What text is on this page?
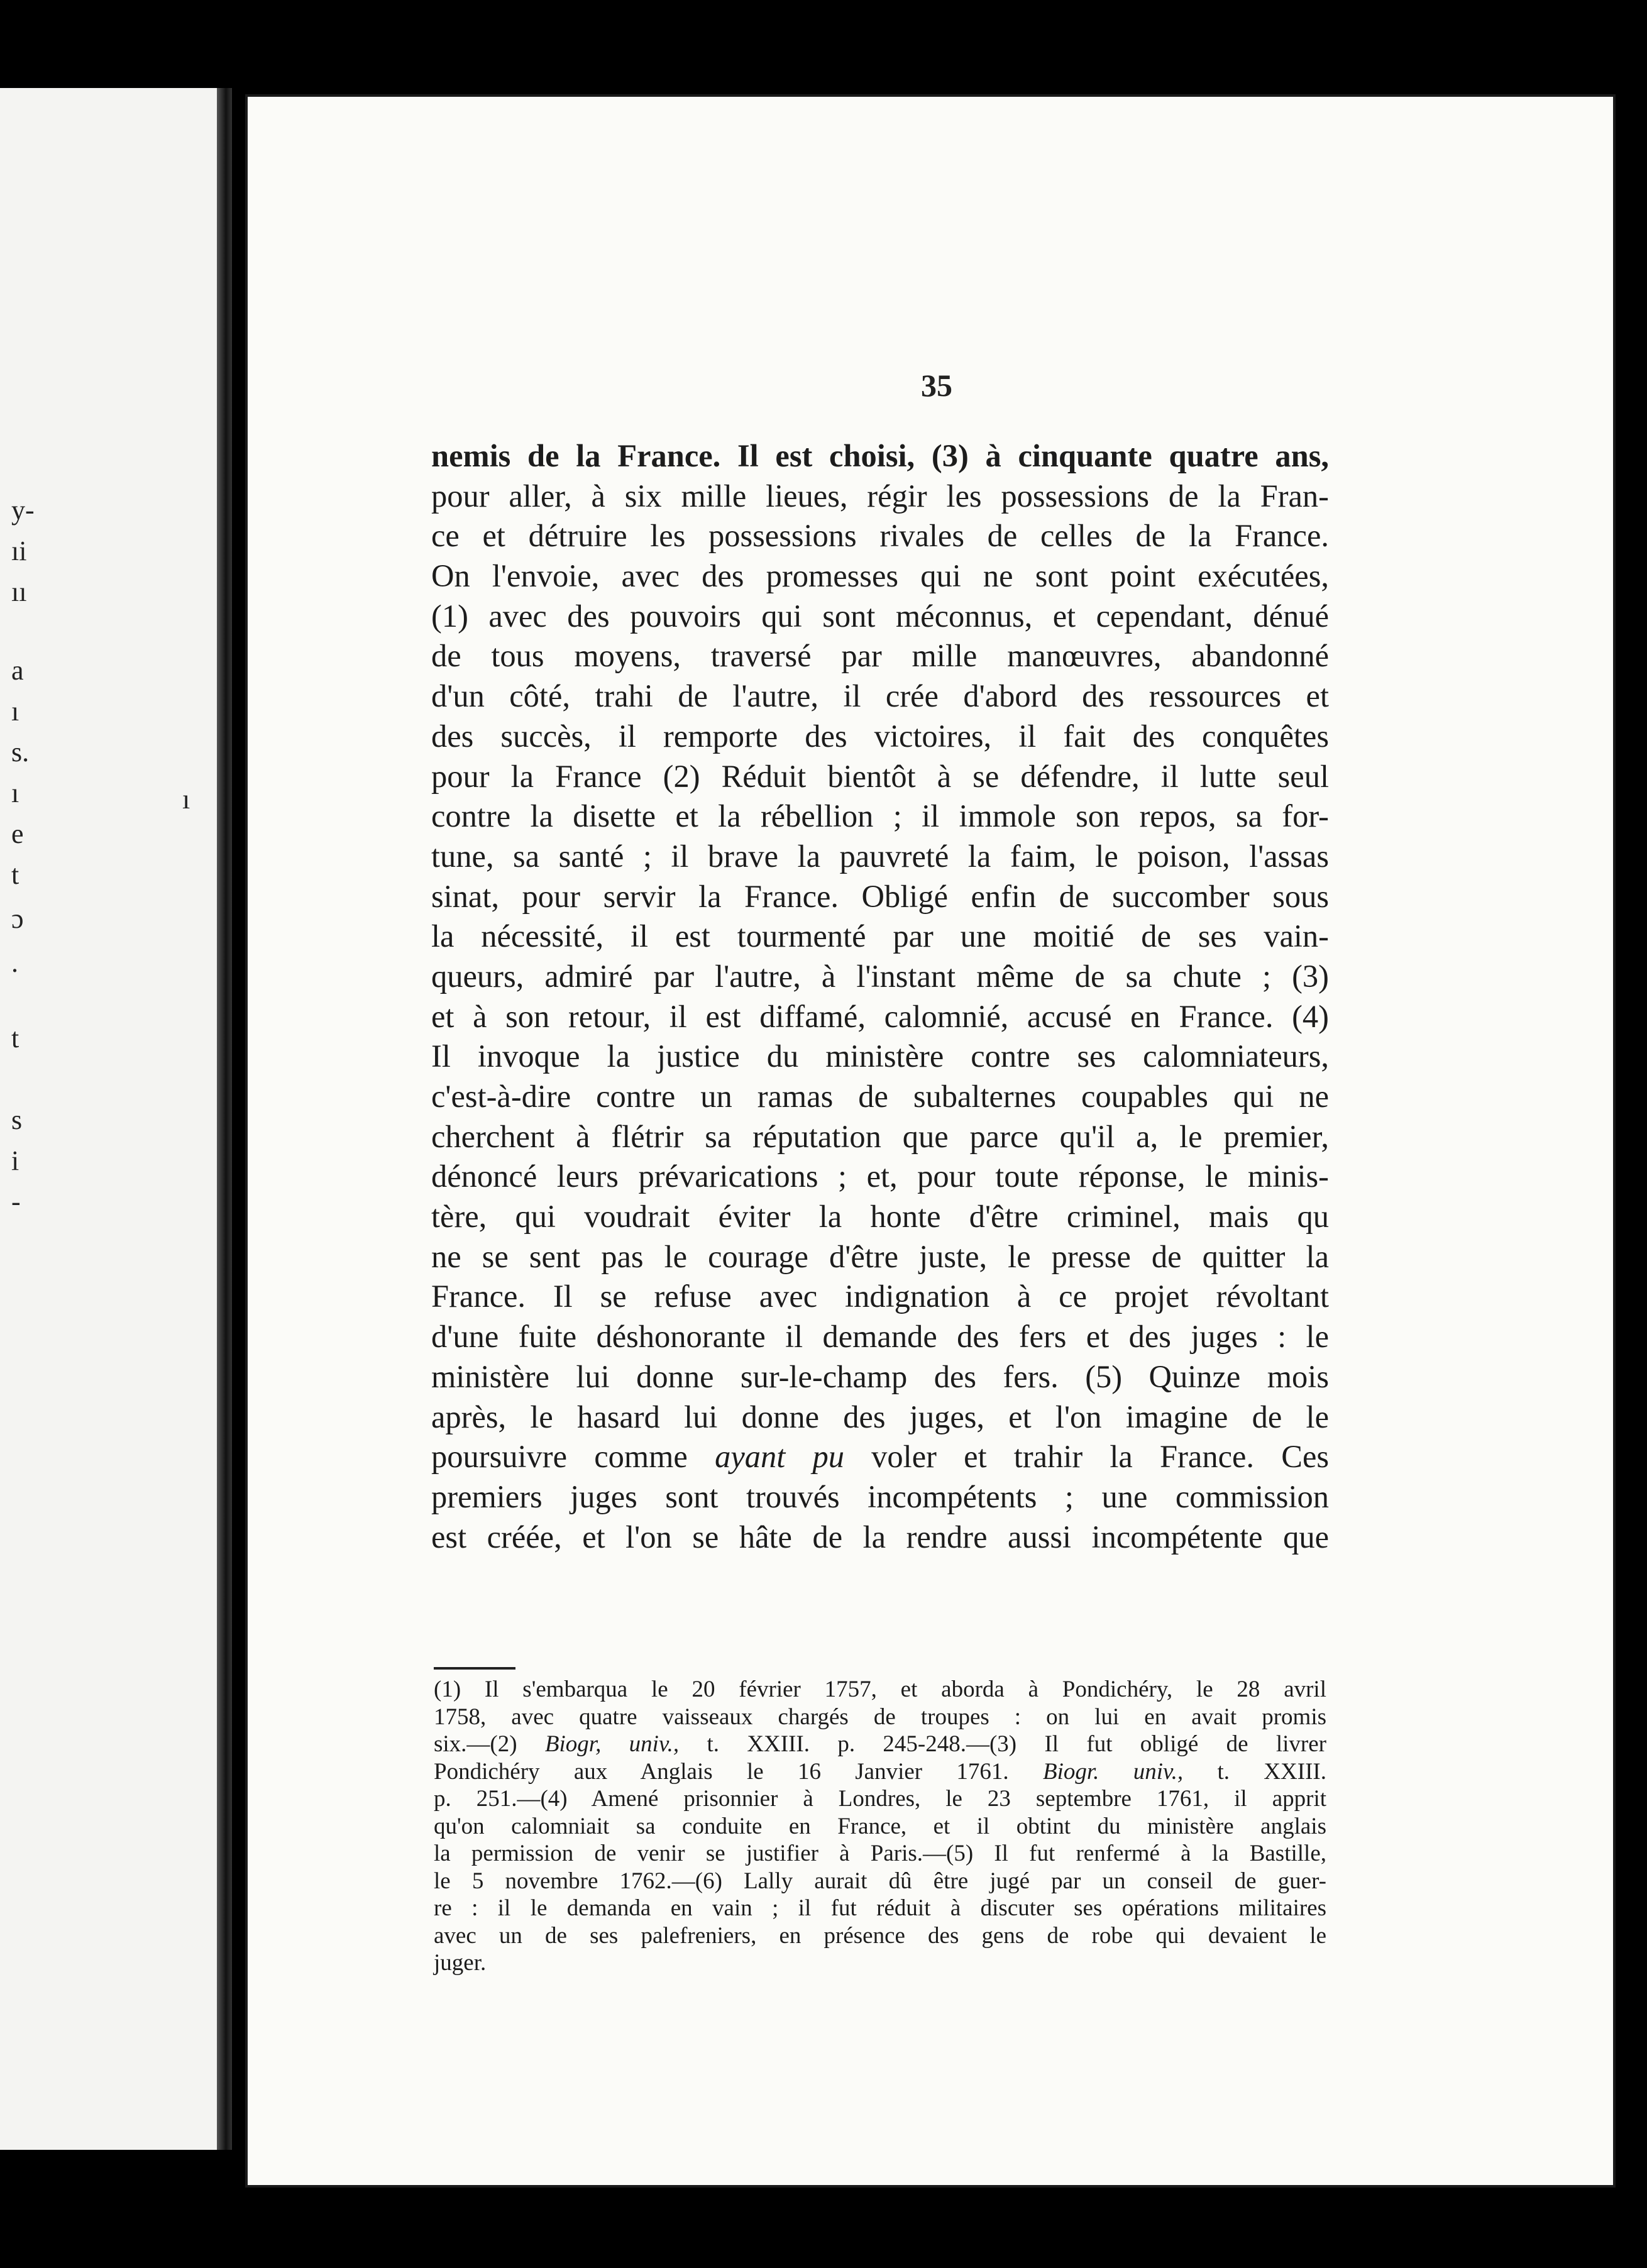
y-
ıi
ıı
a
ı
s.
ı
e
t
ɔ
.
t
s
i
-
ı
35
nemis de la France. Il est choisi, (3) à cinquante quatre ans,
pour aller, à six mille lieues, régir les possessions de la Fran-
ce et détruire les possessions rivales de celles de la France.
On l'envoie, avec des promesses qui ne sont point exécutées,
(1) avec des pouvoirs qui sont méconnus, et cependant, dénué
de tous moyens, traversé par mille manœuvres, abandonné
d'un côté, trahi de l'autre, il crée d'abord des ressources et
des succès, il remporte des victoires, il fait des conquêtes
pour la France (2) Réduit bientôt à se défendre, il lutte seul
contre la disette et la rébellion ; il immole son repos, sa for-
tune, sa santé ; il brave la pauvreté la faim, le poison, l'assas
sinat, pour servir la France. Obligé enfin de succomber sous
la nécessité, il est tourmenté par une moitié de ses vain-
queurs, admiré par l'autre, à l'instant même de sa chute ; (3)
et à son retour, il est diffamé, calomnié, accusé en France. (4)
Il invoque la justice du ministère contre ses calomniateurs,
c'est-à-dire contre un ramas de subalternes coupables qui ne
cherchent à flétrir sa réputation que parce qu'il a, le premier,
dénoncé leurs prévarications ; et, pour toute réponse, le minis-
tère, qui voudrait éviter la honte d'être criminel, mais qu
ne se sent pas le courage d'être juste, le presse de quitter la
France. Il se refuse avec indignation à ce projet révoltant
d'une fuite déshonorante il demande des fers et des juges : le
ministère lui donne sur-le-champ des fers. (5) Quinze mois
après, le hasard lui donne des juges, et l'on imagine de le
poursuivre comme ayant pu voler et trahir la France. Ces
premiers juges sont trouvés incompétents ; une commission
est créée, et l'on se hâte de la rendre aussi incompétente que
(1) Il s'embarqua le 20 février 1757, et aborda à Pondichéry, le 28 avril
1758, avec quatre vaisseaux chargés de troupes : on lui en avait promis
six.—(2) Biogr, univ., t. XXIII. p. 245-248.—(3) Il fut obligé de livrer
Pondichéry aux Anglais le 16 Janvier 1761. Biogr. univ., t. XXIII.
p. 251.—(4) Amené prisonnier à Londres, le 23 septembre 1761, il apprit
qu'on calomniait sa conduite en France, et il obtint du ministère anglais
la permission de venir se justifier à Paris.—(5) Il fut renfermé à la Bastille,
le 5 novembre 1762.—(6) Lally aurait dû être jugé par un conseil de guer-
re : il le demanda en vain ; il fut réduit à discuter ses opérations militaires
avec un de ses palefreniers, en présence des gens de robe qui devaient le
juger.
